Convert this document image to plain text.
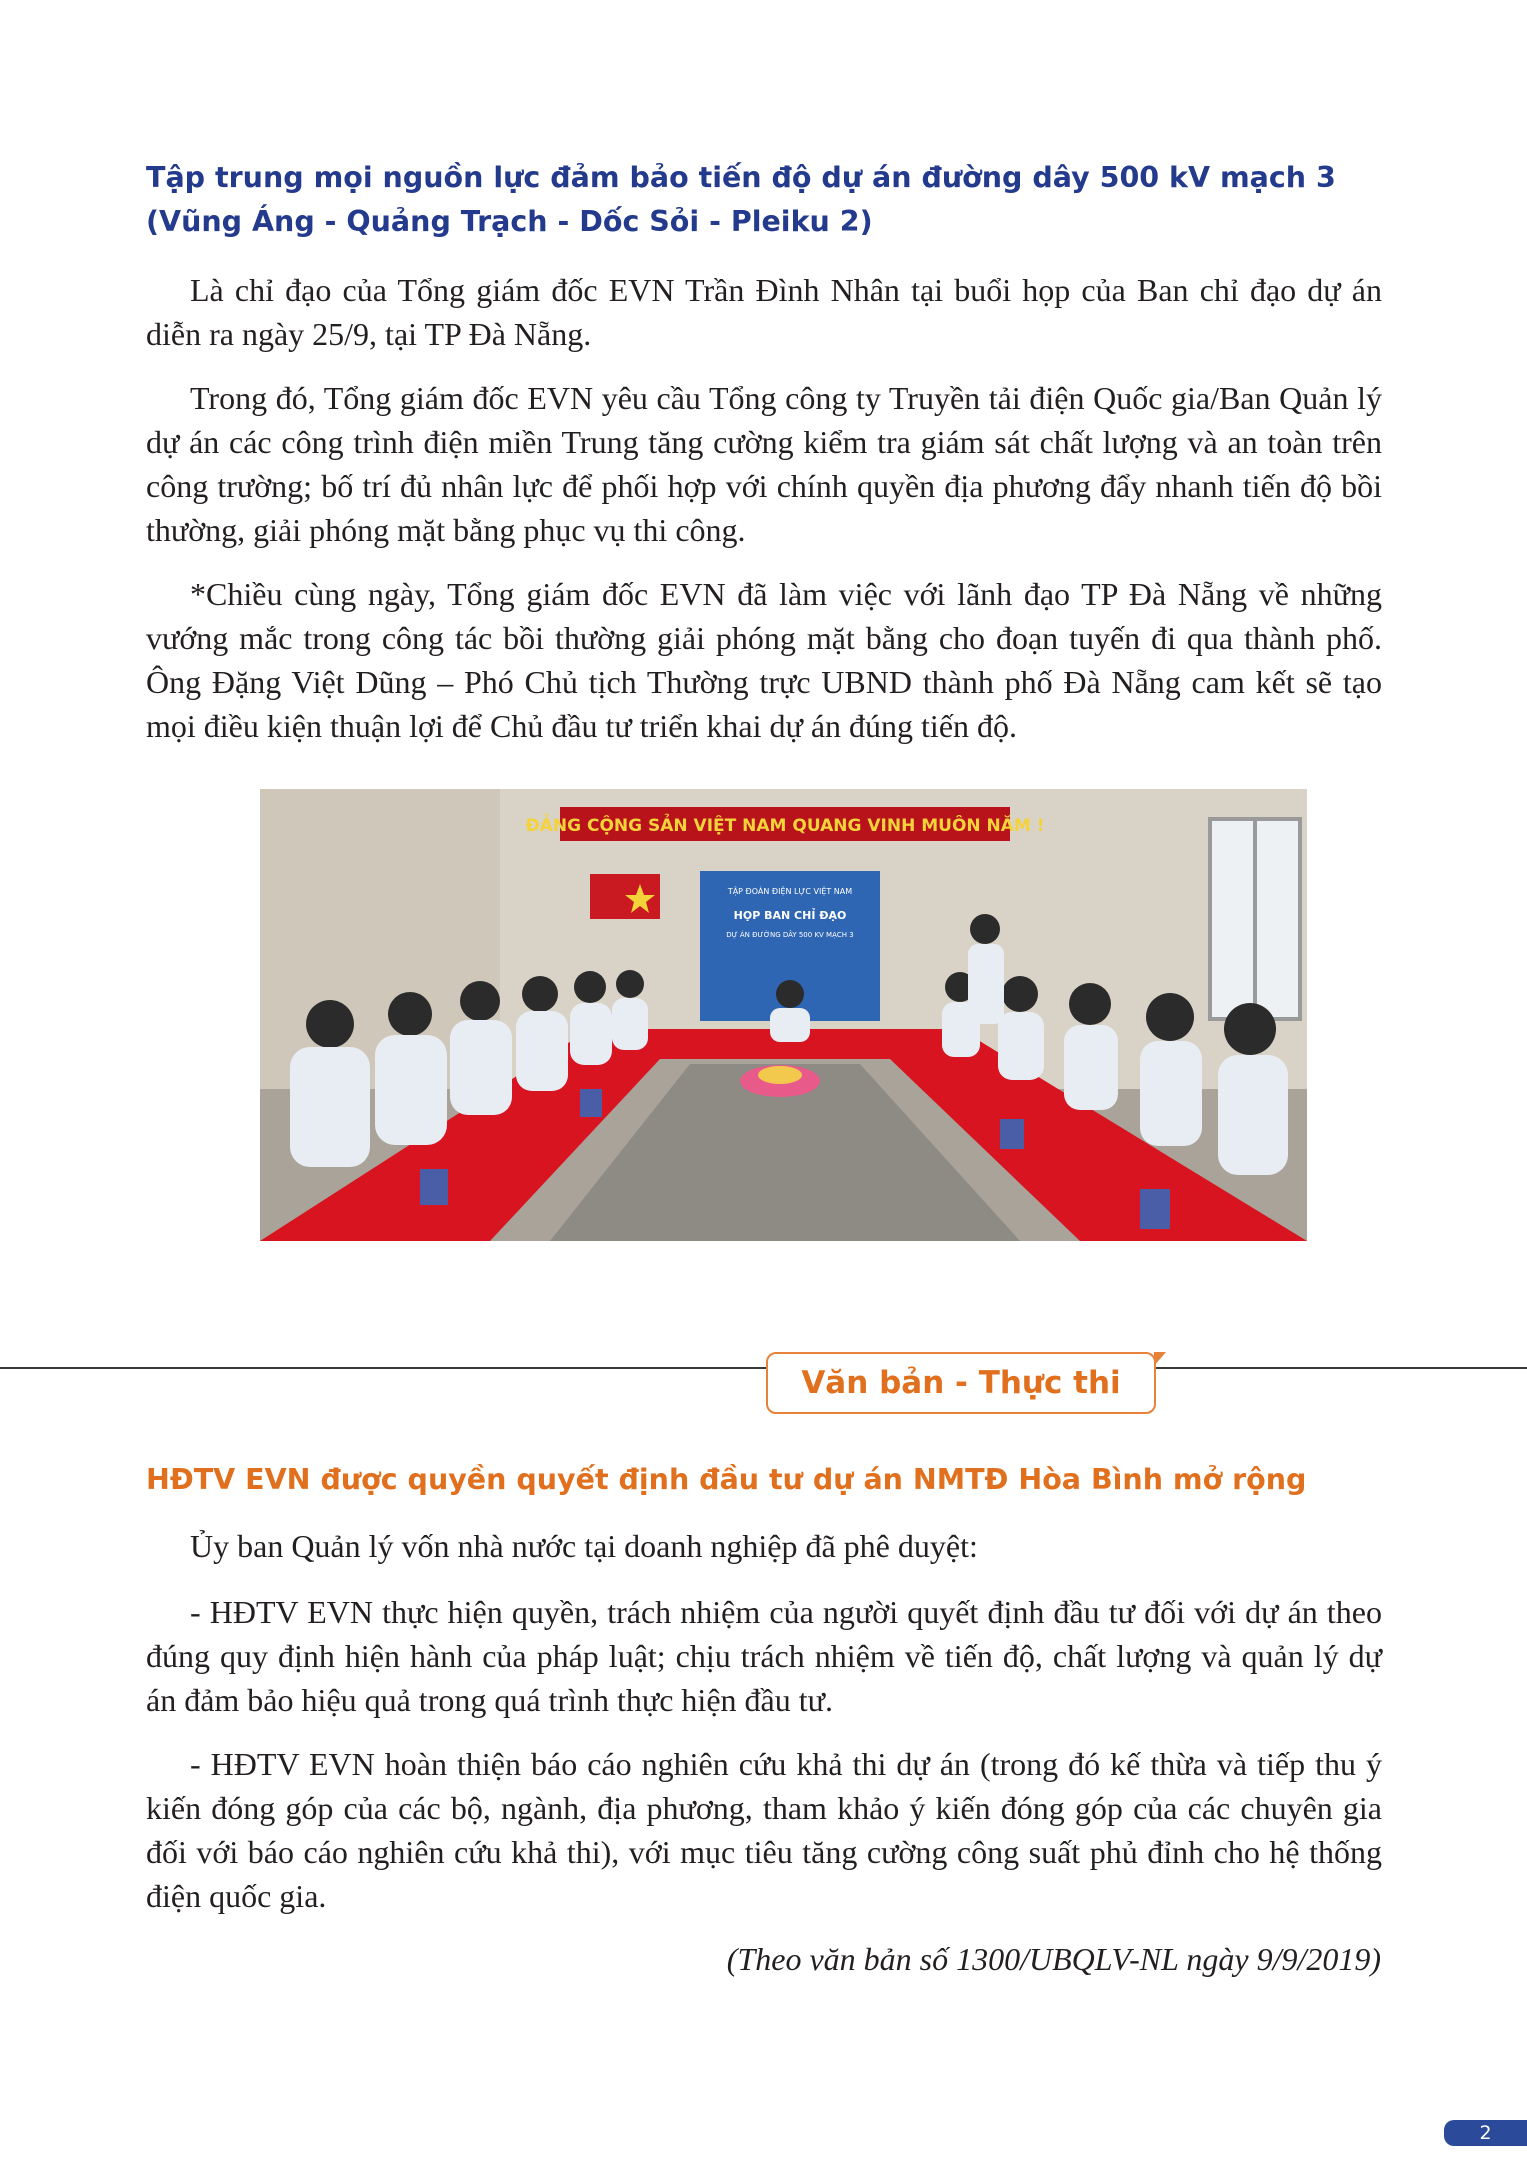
Tập trung mọi nguồn lực đảm bảo tiến độ dự án đường dây 500 kV mạch 3 (Vũng Áng - Quảng Trạch - Dốc Sỏi - Pleiku 2)

Là chỉ đạo của Tổng giám đốc EVN Trần Đình Nhân tại buổi họp của Ban chỉ đạo dự án diễn ra ngày 25/9, tại TP Đà Nẵng.

Trong đó, Tổng giám đốc EVN yêu cầu Tổng công ty Truyền tải điện Quốc gia/Ban Quản lý dự án các công trình điện miền Trung tăng cường kiểm tra giám sát chất lượng và an toàn trên công trường; bố trí đủ nhân lực để phối hợp với chính quyền địa phương đẩy nhanh tiến độ bồi thường, giải phóng mặt bằng phục vụ thi công.

*Chiều cùng ngày, Tổng giám đốc EVN đã làm việc với lãnh đạo TP Đà Nẵng về những vướng mắc trong công tác bồi thường giải phóng mặt bằng cho đoạn tuyến đi qua thành phố. Ông Đặng Việt Dũng – Phó Chủ tịch Thường trực UBND thành phố Đà Nẵng cam kết sẽ tạo mọi điều kiện thuận lợi để Chủ đầu tư triển khai dự án đúng tiến độ.

ĐẢNG CỘNG SẢN VIỆT NAM QUANG VINH MUÔN NĂM !
TẬP ĐOÀN ĐIỆN LỰC VIỆT NAM
HỌP BAN CHỈ ĐẠO
DỰ ÁN ĐƯỜNG DÂY 500 KV MẠCH 3
Văn bản - Thực thi
HĐTV EVN được quyền quyết định đầu tư dự án NMTĐ Hòa Bình mở rộng

Ủy ban Quản lý vốn nhà nước tại doanh nghiệp đã phê duyệt:

- HĐTV EVN thực hiện quyền, trách nhiệm của người quyết định đầu tư đối với dự án theo đúng quy định hiện hành của pháp luật; chịu trách nhiệm về tiến độ, chất lượng và quản lý dự án đảm bảo hiệu quả trong quá trình thực hiện đầu tư.

- HĐTV EVN hoàn thiện báo cáo nghiên cứu khả thi dự án (trong đó kế thừa và tiếp thu ý kiến đóng góp của các bộ, ngành, địa phương, tham khảo ý kiến đóng góp của các chuyên gia đối với báo cáo nghiên cứu khả thi), với mục tiêu tăng cường công suất phủ đỉnh cho hệ thống điện quốc gia.

(Theo văn bản số 1300/UBQLV-NL ngày 9/9/2019)

2
